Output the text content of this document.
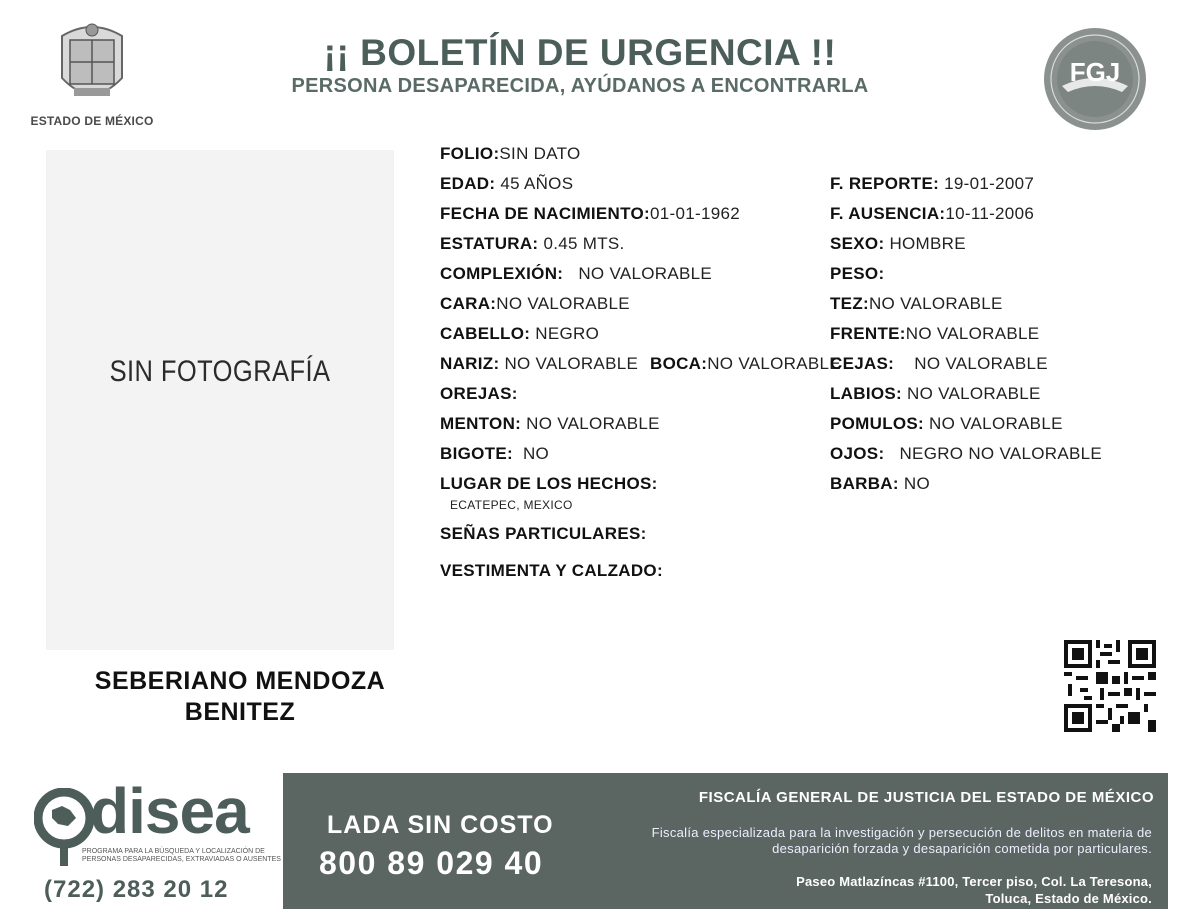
ESTADO DE MÉXICO
¡¡ BOLETÍN DE URGENCIA !!
PERSONA DESAPARECIDA, AYÚDANOS A ENCONTRARLA	FGJ
SIN FOTOGRAFÍA
SEBERIANO MENDOZA
BENITEZ
FOLIO:SIN DATO
EDAD: 45 AÑOS
FECHA DE NACIMIENTO:01-01-1962
ESTATURA: 0.45 MTS.
COMPLEXIÓN: NO VALORABLE
CARA:NO VALORABLE
CABELLO: NEGRO
NARIZ: NO VALORABLE BOCA:NO VALORABLE
OREJAS:
MENTON: NO VALORABLE
BIGOTE: NO
LUGAR DE LOS HECHOS:
ECATEPEC, MEXICO
SEÑAS PARTICULARES:
VESTIMENTA Y CALZADO:
F. REPORTE: 19-01-2007
F. AUSENCIA:10-11-2006
SEXO: HOMBRE
PESO:
TEZ:NO VALORABLE
FRENTE:NO VALORABLE
CEJAS: NO VALORABLE
LABIOS: NO VALORABLE
POMULOS: NO VALORABLE
OJOS: NEGRO NO VALORABLE
BARBA: NO
disea
PROGRAMA PARA LA BÚSQUEDA Y LOCALIZACIÓN DE PERSONAS DESAPARECIDAS, EXTRAVIADAS O AUSENTES
(722) 283 20 12
LADA SIN COSTO
800 89 029 40
FISCALÍA GENERAL DE JUSTICIA DEL ESTADO DE MÉXICO
Fiscalía especializada para la investigación y persecución de delitos en materia de desaparición forzada y desaparición cometida por particulares.
Paseo Matlazíncas #1100, Tercer piso, Col. La Teresona,
Toluca, Estado de México.
